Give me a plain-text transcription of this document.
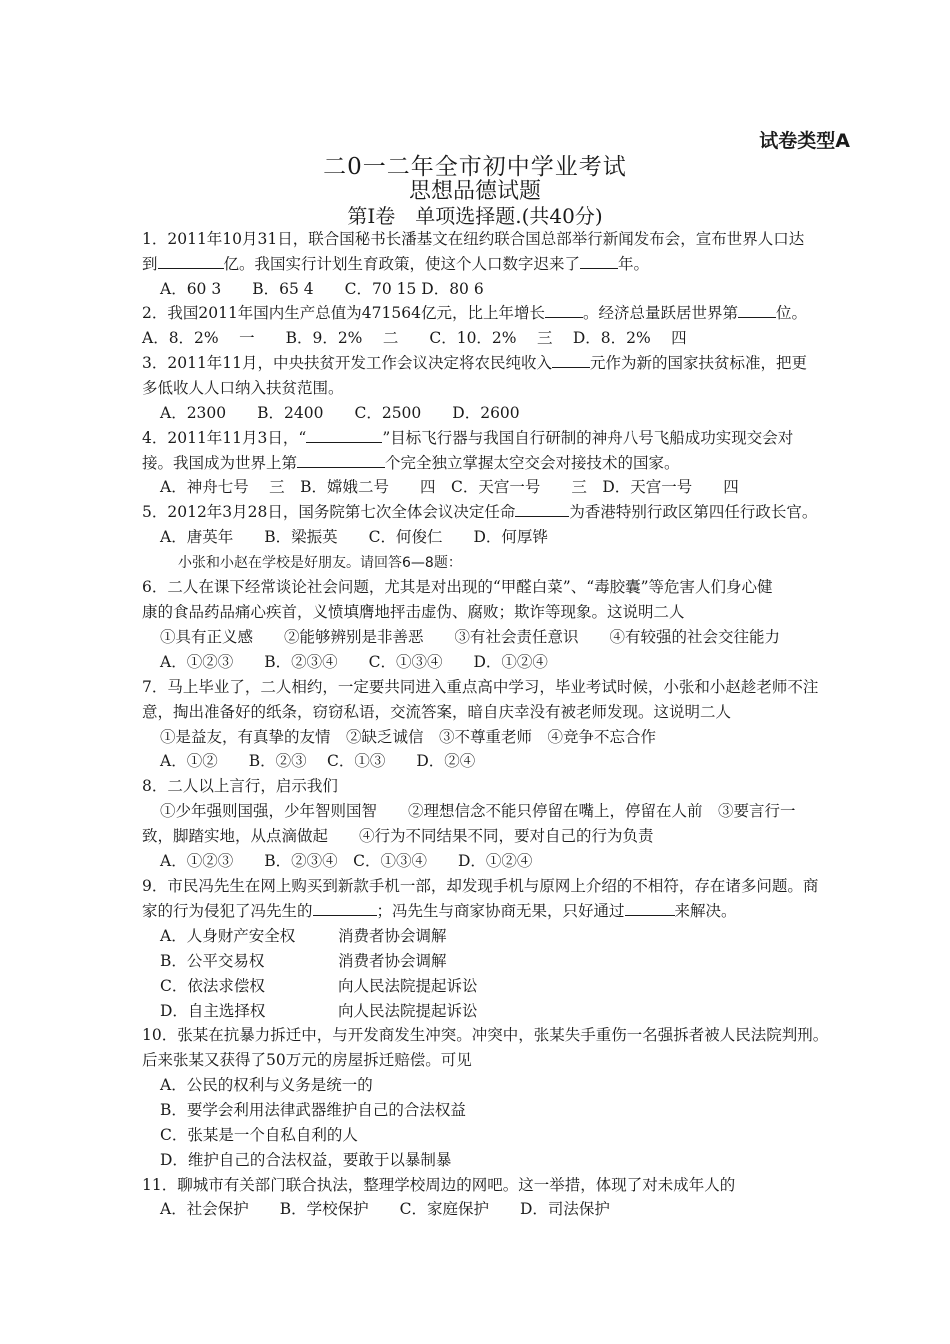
试卷类型A
二0一二年全市初中学业考试
思想品德试题
第Ⅰ卷　单项选择题.(共40分)
1．2011年10月31日，联合国秘书长潘基文在纽约联合国总部举行新闻发布会，宣布世界人口达
到	亿。我国实行计划生育政策，使这个人口数字迟来了 年。
A．60 3　　B．65 4　　C．70 15 D．80 6
2．我国2011年国内生产总值为471564亿元，比上年增长 。经济总量跃居世界第 位。
A．8．2%　 一　　B．9．2%　 二　　C．10．2%　 三　 D．8．2%　 四
3．2011年11月，中央扶贫开发工作会议决定将农民纯收入 元作为新的国家扶贫标准，把更
多低收人人口纳入扶贫范围。
A．2300　　B．2400　　C．2500　　D．2600
4．2011年11月3日，“	”目标飞行器与我国自行研制的神舟八号飞船成功实现交会对
接。我国成为世界上第	个完全独立掌握太空交会对接技术的国家。
A．神舟七号　 三　B．嫦娥二号　　四　C．天宫一号　　三　D．天宫一号　　四
5．2012年3月28日，国务院第七次全体会议决定任命	为香港特别行政区第四任行政长官。
A．唐英年　　B．梁振英　　C．何俊仁　　D．何厚铧
小张和小赵在学校是好朋友。请回答6—8题：
6．二人在课下经常谈论社会问题，尤其是对出现的“甲醛白菜”、“毒胶囊”等危害人们身心健
康的食品药品痛心疾首，义愤填膺地抨击虚伪、腐败；欺诈等现象。这说明二人
①具有正义感　　②能够辨别是非善恶　　③有社会责任意识　　④有较强的社会交往能力
A．①②③　　B．②③④　　C．①③④　　D．①②④
7．马上毕业了，二人相约，一定要共同进入重点高中学习，毕业考试时候，小张和小赵趁老师不注
意，掏出准备好的纸条，窃窃私语，交流答案，暗自庆幸没有被老师发现。这说明二人
①是益友，有真挚的友情　②缺乏诚信　③不尊重老师　④竞争不忘合作
A．①②　　B．②③　 C．①③　　D．②④
8．二人以上言行，启示我们
①少年强则国强，少年智则国智　　②理想信念不能只停留在嘴上，停留在人前　③要言行一
致，脚踏实地，从点滴做起　　④行为不同结果不同，要对自己的行为负责
A．①②③　　B．②③④　C．①③④　　D．①②④
9．市民冯先生在网上购买到新款手机一部，却发现手机与原网上介绍的不相符，存在诸多问题。商
家的行为侵犯了冯先生的	；冯先生与商家协商无果，只好通过	来解决。
A．人身财产安全权	消费者协会调解
B．公平交易权	消费者协会调解
C．依法求偿权	向人民法院提起诉讼
D．自主选择权	向人民法院提起诉讼
10．张某在抗暴力拆迁中，与开发商发生冲突。冲突中，张某失手重伤一名强拆者被人民法院判刑。
后来张某又获得了50万元的房屋拆迁赔偿。可见
A．公民的权利与义务是统一的
B．要学会利用法律武器维护自己的合法权益
C．张某是一个自私自利的人
D．维护自己的合法权益，要敢于以暴制暴
11．聊城市有关部门联合执法，整理学校周边的网吧。这一举措，体现了对未成年人的
A．社会保护　　B．学校保护　　C．家庭保护　　D．司法保护
